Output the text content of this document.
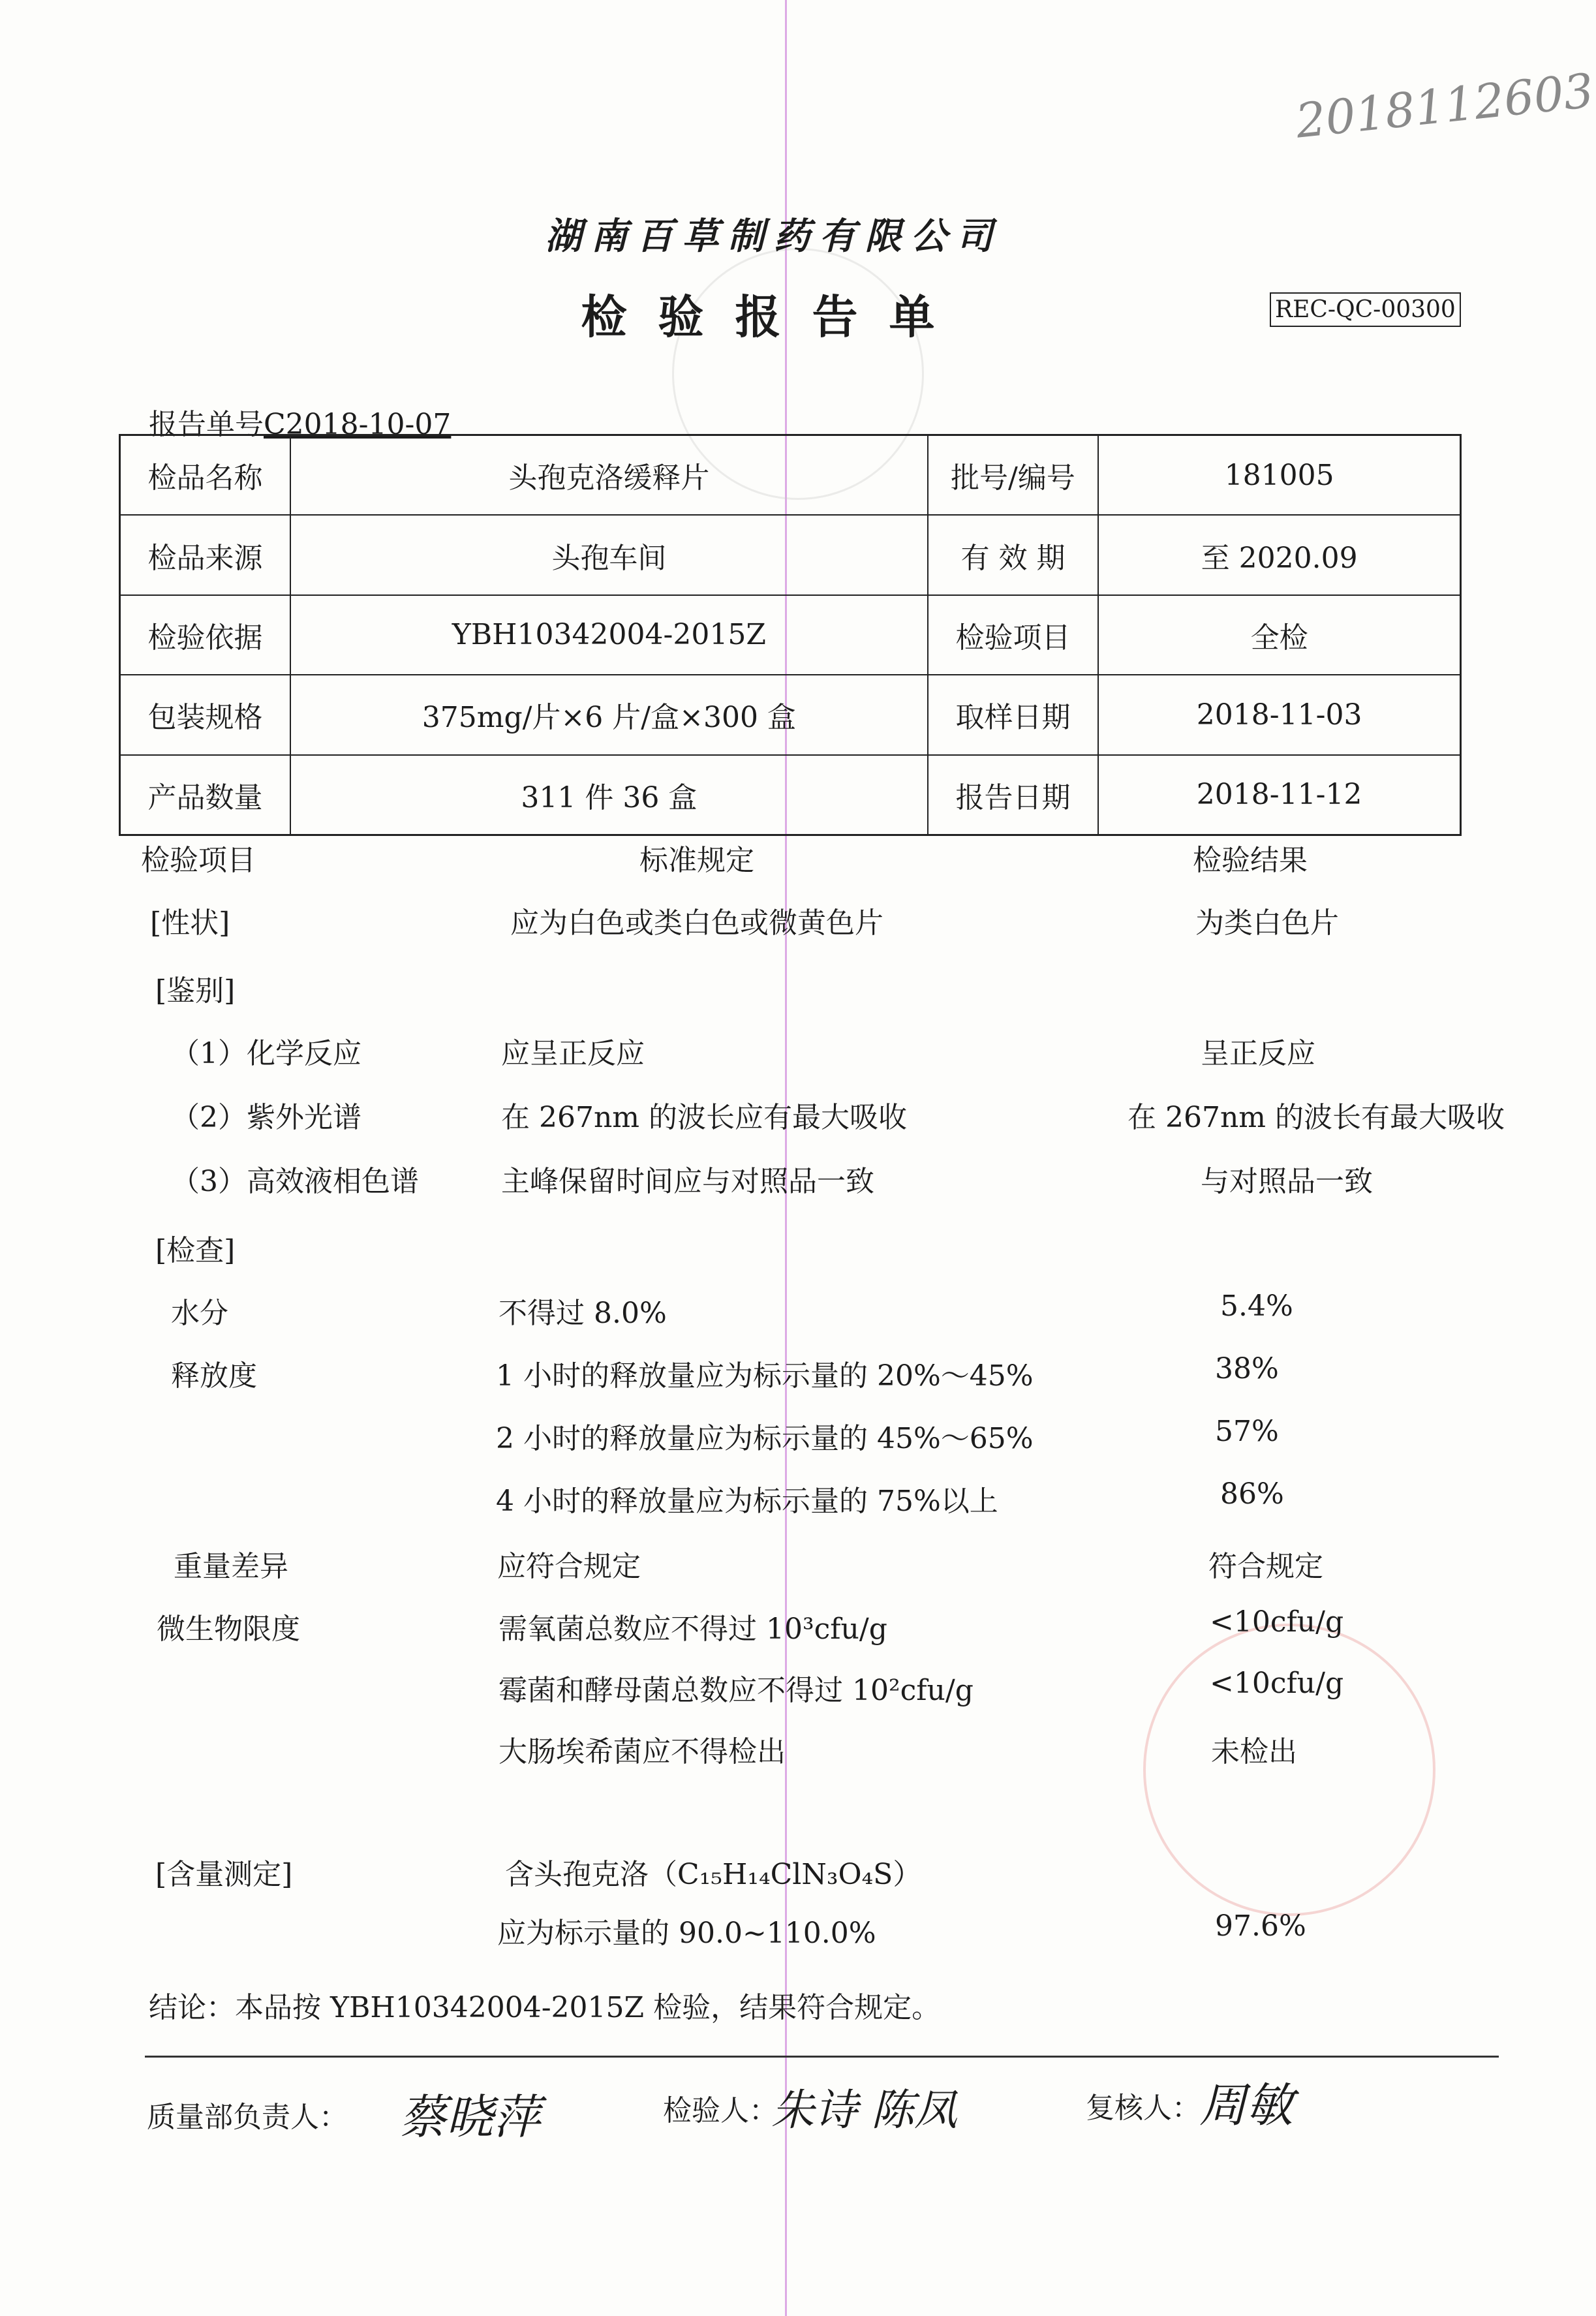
2018112603
湖南百草制药有限公司
检验报告单	REC-QC-00300
报告单号C2018-10-07
检品名称	头孢克洛缓释片	批号/编号	181005
检品来源	头孢车间	有 效 期	至 2020.09
检验依据	YBH10342004-2015Z	检验项目	全检
包装规格	375mg/片×6 片/盒×300 盒	取样日期	2018-11-03
产品数量	311 件 36 盒	报告日期	2018-11-12
检验项目	标准规定	检验结果
[性状]	应为白色或类白色或微黄色片	为类白色片
[鉴别]
（1）化学反应	应呈正反应	呈正反应
（2）紫外光谱	在 267nm 的波长应有最大吸收	在 267nm 的波长有最大吸收
（3）高效液相色谱	主峰保留时间应与对照品一致	与对照品一致
[检查]
水分	不得过 8.0%	5.4%
释放度	1 小时的释放量应为标示量的 20%～45%	38%
2 小时的释放量应为标示量的 45%～65%	57%
4 小时的释放量应为标示量的 75%以上	86%
重量差异	应符合规定	符合规定
微生物限度	需氧菌总数应不得过 10³cfu/g	<10cfu/g
霉菌和酵母菌总数应不得过 10²cfu/g	<10cfu/g
大肠埃希菌应不得检出	未检出
[含量测定]	含头孢克洛（C₁₅H₁₄ClN₃O₄S）
应为标示量的 90.0~110.0%	97.6%
结论：本品按 YBH10342004-2015Z 检验，结果符合规定。
质量部负责人： 蔡晓萍	检验人：
朱诗 陈凤	复核人：
周敏
